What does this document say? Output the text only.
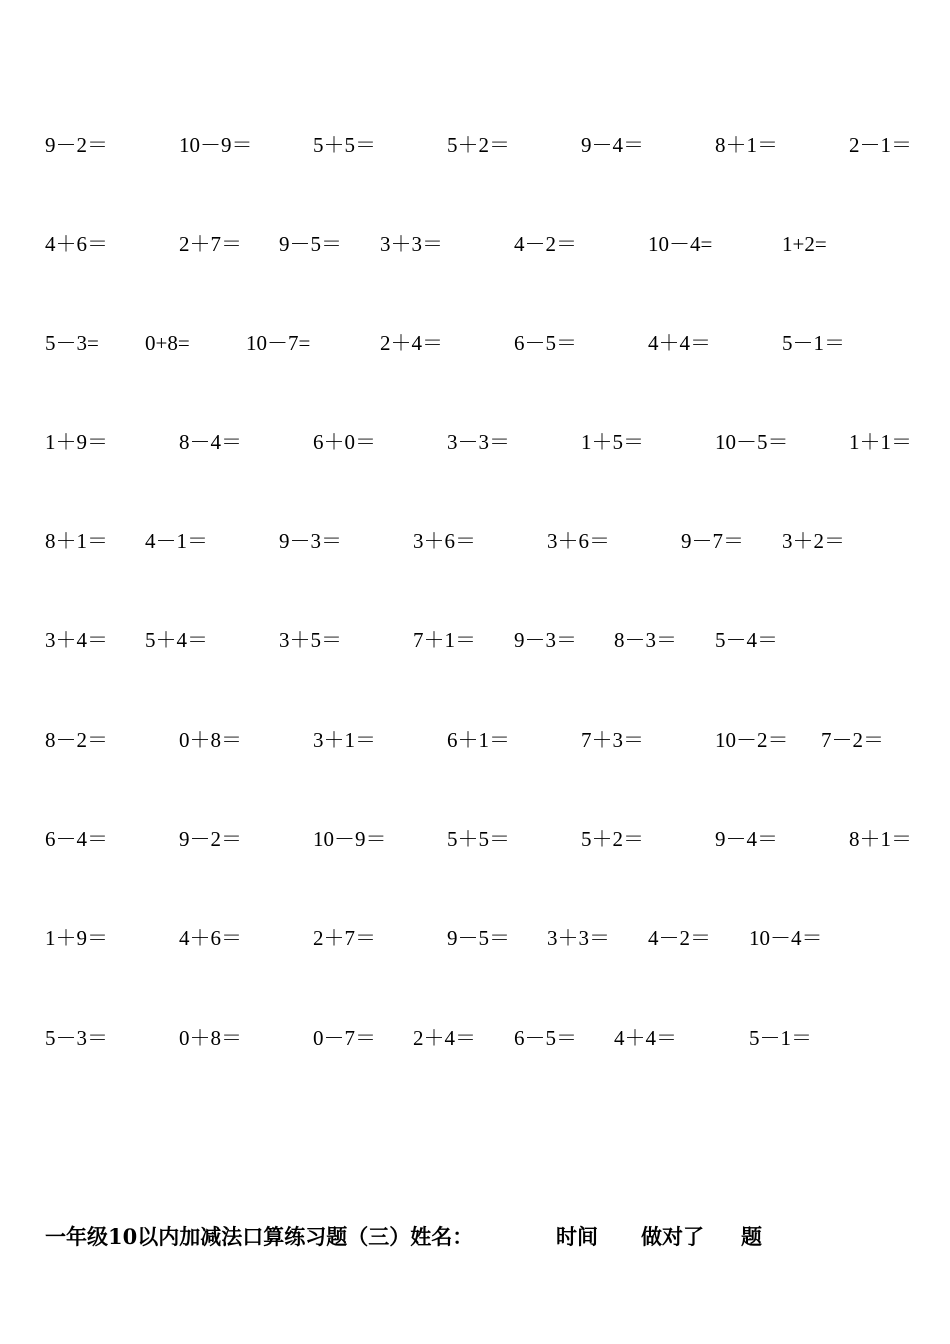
9－2＝	10－9＝	5＋5＝	5＋2＝	9－4＝	8＋1＝	2－1＝
4＋6＝	2＋7＝ 9－5＝ 3＋3＝	4－2＝	10－4=	1+2=
5－3= 0+8=	10－7=	2＋4＝	6－5＝	4＋4＝	5－1＝
1＋9＝	8－4＝	6＋0＝	3－3＝	1＋5＝	10－5＝	1＋1＝
8＋1＝ 4－1＝	9－3＝	3＋6＝	3＋6＝	9－7＝ 3＋2＝
3＋4＝ 5＋4＝	3＋5＝	7＋1＝ 9－3＝ 8－3＝ 5－4＝
8－2＝	0＋8＝	3＋1＝	6＋1＝	7＋3＝	10－2＝ 7－2＝
6－4＝	9－2＝	10－9＝	5＋5＝	5＋2＝	9－4＝	8＋1＝
1＋9＝	4＋6＝	2＋7＝	9－5＝ 3＋3＝ 4－2＝ 10－4＝
5－3＝	0＋8＝	0－7＝ 2＋4＝ 6－5＝ 4＋4＝	5－1＝
一年级10以内加减法口算练习题（三）姓名：	时间 做对了 题
